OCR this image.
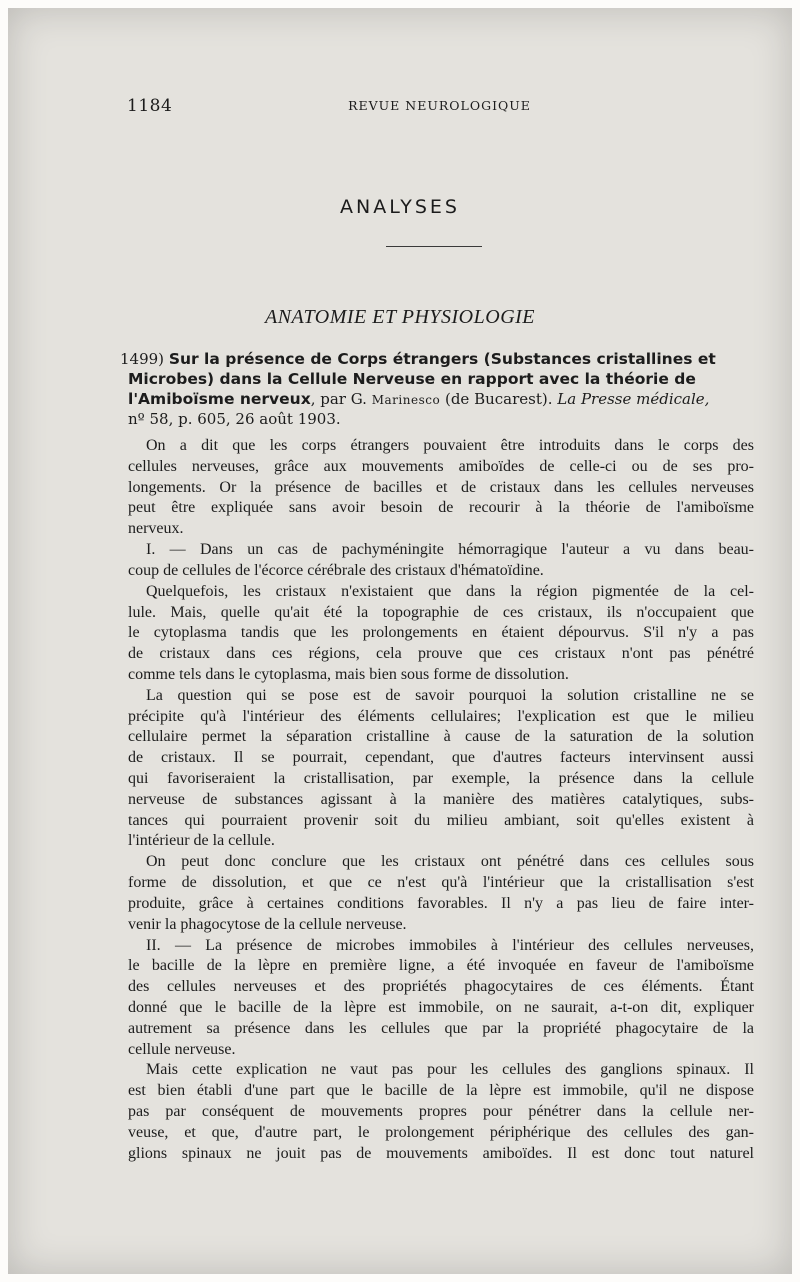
1184	REVUE NEUROLOGIQUE
ANALYSES
ANATOMIE ET PHYSIOLOGIE
1499) Sur la présence de Corps étrangers (Substances cristallines et
Microbes) dans la Cellule Nerveuse en rapport avec la théorie de
l'Amiboïsme nerveux, par G. Marinesco (de Bucarest). La Presse médicale,
nº 58, p. 605, 26 août 1903.
On a dit que les corps étrangers pouvaient être introduits dans le corps des
cellules nerveuses, grâce aux mouvements amiboïdes de celle-ci ou de ses pro-
longements. Or la présence de bacilles et de cristaux dans les cellules nerveuses
peut être expliquée sans avoir besoin de recourir à la théorie de l'amiboïsme
nerveux.
I. — Dans un cas de pachyméningite hémorragique l'auteur a vu dans beau-
coup de cellules de l'écorce cérébrale des cristaux d'hématoïdine.
Quelquefois, les cristaux n'existaient que dans la région pigmentée de la cel-
lule. Mais, quelle qu'ait été la topographie de ces cristaux, ils n'occupaient que
le cytoplasma tandis que les prolongements en étaient dépourvus. S'il n'y a pas
de cristaux dans ces régions, cela prouve que ces cristaux n'ont pas pénétré
comme tels dans le cytoplasma, mais bien sous forme de dissolution.
La question qui se pose est de savoir pourquoi la solution cristalline ne se
précipite qu'à l'intérieur des éléments cellulaires; l'explication est que le milieu
cellulaire permet la séparation cristalline à cause de la saturation de la solution
de cristaux. Il se pourrait, cependant, que d'autres facteurs intervinsent aussi
qui favoriseraient la cristallisation, par exemple, la présence dans la cellule
nerveuse de substances agissant à la manière des matières catalytiques, subs-
tances qui pourraient provenir soit du milieu ambiant, soit qu'elles existent à
l'intérieur de la cellule.
On peut donc conclure que les cristaux ont pénétré dans ces cellules sous
forme de dissolution, et que ce n'est qu'à l'intérieur que la cristallisation s'est
produite, grâce à certaines conditions favorables. Il n'y a pas lieu de faire inter-
venir la phagocytose de la cellule nerveuse.
II. — La présence de microbes immobiles à l'intérieur des cellules nerveuses,
le bacille de la lèpre en première ligne, a été invoquée en faveur de l'amiboïsme
des cellules nerveuses et des propriétés phagocytaires de ces éléments. Étant
donné que le bacille de la lèpre est immobile, on ne saurait, a-t-on dit, expliquer
autrement sa présence dans les cellules que par la propriété phagocytaire de la
cellule nerveuse.
Mais cette explication ne vaut pas pour les cellules des ganglions spinaux. Il
est bien établi d'une part que le bacille de la lèpre est immobile, qu'il ne dispose
pas par conséquent de mouvements propres pour pénétrer dans la cellule ner-
veuse, et que, d'autre part, le prolongement périphérique des cellules des gan-
glions spinaux ne jouit pas de mouvements amiboïdes. Il est donc tout naturel
